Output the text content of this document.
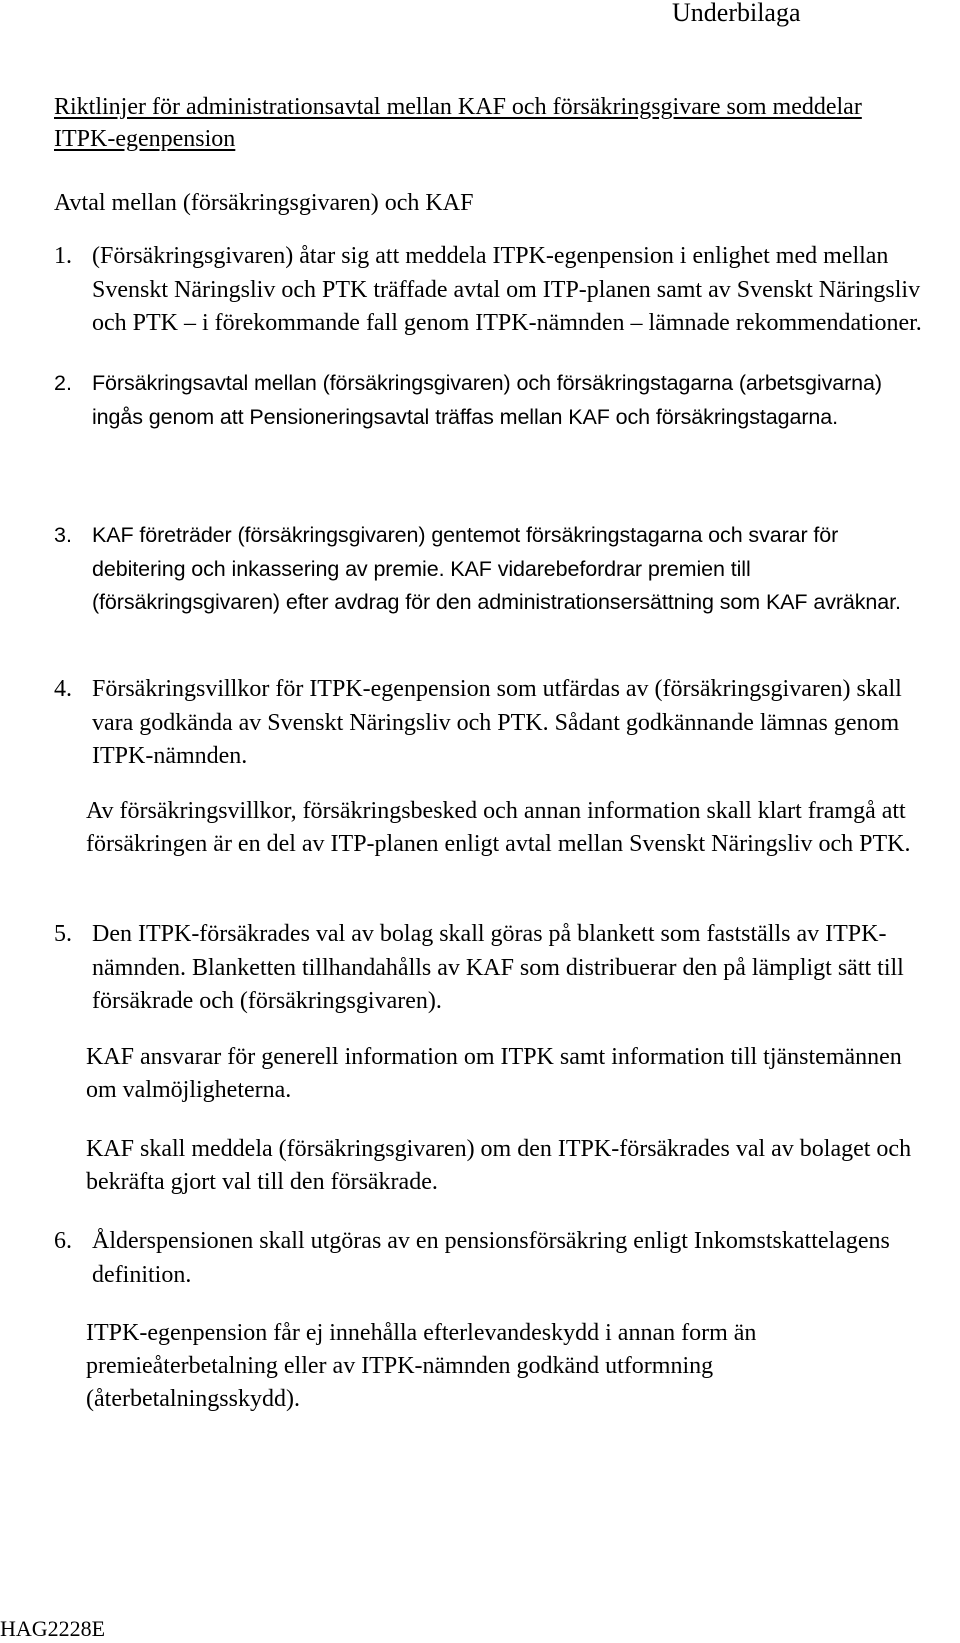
Underbilaga
Riktlinjer för administrationsavtal mellan KAF och försäkringsgivare som meddelar ITPK-egenpension
Avtal mellan (försäkringsgivaren) och KAF
1. (Försäkringsgivaren) åtar sig att meddela ITPK-egenpension i enlighet med mellan Svenskt Näringsliv och PTK träffade avtal om ITP-planen samt av Svenskt Näringsliv och PTK – i förekommande fall genom ITPK-nämnden – lämnade rekommendationer.
2. Försäkringsavtal mellan (försäkringsgivaren) och försäkringstagarna (arbetsgivarna) ingås genom att Pensioneringsavtal träffas mellan KAF och försäkringstagarna.
3. KAF företräder (försäkringsgivaren) gentemot försäkringstagarna och svarar för debitering och inkassering av premie. KAF vidarebefordrar premien till (försäkringsgivaren) efter avdrag för den administrationsersättning som KAF avräknar.
4. Försäkringsvillkor för ITPK-egenpension som utfärdas av (försäkringsgivaren) skall vara godkända av Svenskt Näringsliv och PTK. Sådant godkännande lämnas genom ITPK-nämnden.
Av försäkringsvillkor, försäkringsbesked och annan information skall klart framgå att försäkringen är en del av ITP-planen enligt avtal mellan Svenskt Näringsliv och PTK.
5. Den ITPK-försäkrades val av bolag skall göras på blankett som fastställs av ITPK-nämnden. Blanketten tillhandahålls av KAF som distribuerar den på lämpligt sätt till försäkrade och (försäkringsgivaren).
KAF ansvarar för generell information om ITPK samt information till tjänstemännen om valmöjligheterna.
KAF skall meddela (försäkringsgivaren) om den ITPK-försäkrades val av bolaget och bekräfta gjort val till den försäkrade.
6. Ålderspensionen skall utgöras av en pensionsförsäkring enligt Inkomstskattelagens definition.
ITPK-egenpension får ej innehålla efterlevandeskydd i annan form än premieåterbetalning eller av ITPK-nämnden godkänd utformning (återbetalningsskydd).
HAG2228E
